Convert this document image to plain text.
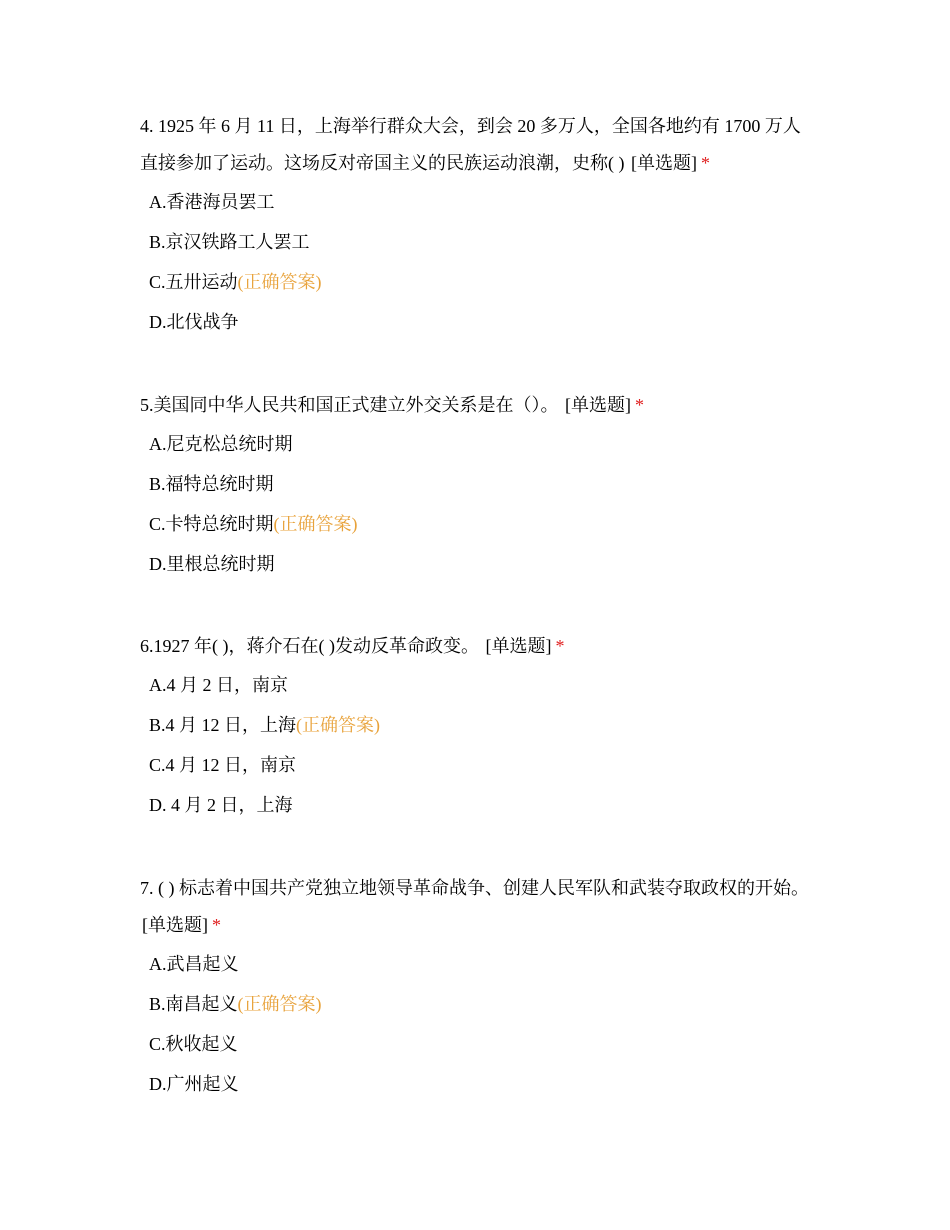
4. 1925 年 6 月 11 日，上海举行群众大会，到会 20 多万人，全国各地约有 1700 万人直接参加了运动。这场反对帝国主义的民族运动浪潮，史称( ) [单选题] *

A.香港海员罢工
B.京汉铁路工人罢工
C.五卅运动(正确答案)
D.北伐战争

5.美国同中华人民共和国正式建立外交关系是在（）。 [单选题] *

A.尼克松总统时期
B.福特总统时期
C.卡特总统时期(正确答案)
D.里根总统时期

6.1927 年( )，蒋介石在( )发动反革命政变。 [单选题] *

A.4 月 2 日，南京
B.4 月 12 日，上海(正确答案)
C.4 月 12 日，南京
D. 4 月 2 日，上海

7. ( ) 标志着中国共产党独立地领导革命战争、创建人民军队和武装夺取政权的开始。 [单选题] *

A.武昌起义
B.南昌起义(正确答案)
C.秋收起义
D.广州起义
